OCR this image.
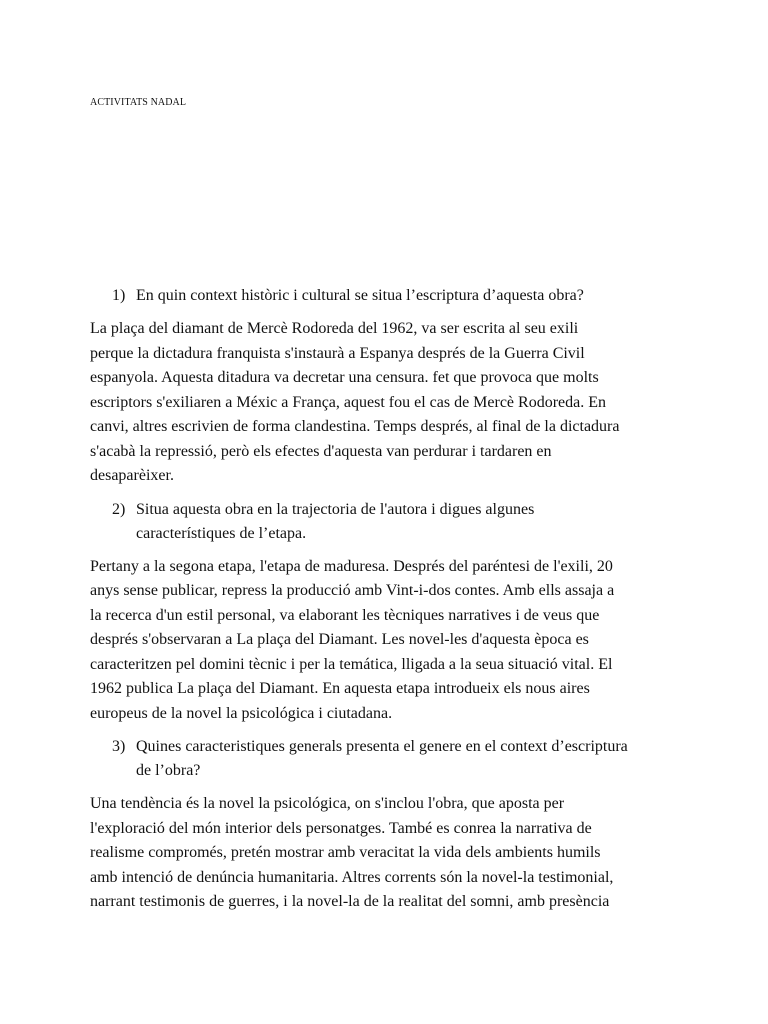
ACTIVITATS NADAL
1) En quin context històric i cultural se situa l’escriptura d’aquesta obra?
La plaça del diamant de Mercè Rodoreda del 1962, va ser escrita al seu exili
perque la dictadura franquista s'instaurà a Espanya després de la Guerra Civil
espanyola. Aquesta ditadura va decretar una censura. fet que provoca que molts
escriptors s'exiliaren a Méxic a França, aquest fou el cas de Mercè Rodoreda. En
canvi, altres escrivien de forma clandestina. Temps després, al final de la dictadura
s'acabà la repressió, però els efectes d'aquesta van perdurar i tardaren en
desaparèixer.
2) Situa aquesta obra en la trajectoria de l'autora i digues algunes
característiques de l’etapa.
Pertany a la segona etapa, l'etapa de maduresa. Després del paréntesi de l'exili, 20
anys sense publicar, repress la producció amb Vint-i-dos contes. Amb ells assaja a
la recerca d'un estil personal, va elaborant les tècniques narratives i de veus que
després s'observaran a La plaça del Diamant. Les novel-les d'aquesta època es
caracteritzen pel domini tècnic i per la temática, lligada a la seua situació vital. El
1962 publica La plaça del Diamant. En aquesta etapa introdueix els nous aires
europeus de la novel la psicológica i ciutadana.
3) Quines caracteristiques generals presenta el genere en el context d’escriptura
de l’obra?
Una tendència és la novel la psicológica, on s'inclou l'obra, que aposta per
l'exploració del món interior dels personatges. També es conrea la narrativa de
realisme compromés, pretén mostrar amb veracitat la vida dels ambients humils
amb intenció de denúncia humanitaria. Altres corrents són la novel-la testimonial,
narrant testimonis de guerres, i la novel-la de la realitat del somni, amb presència
